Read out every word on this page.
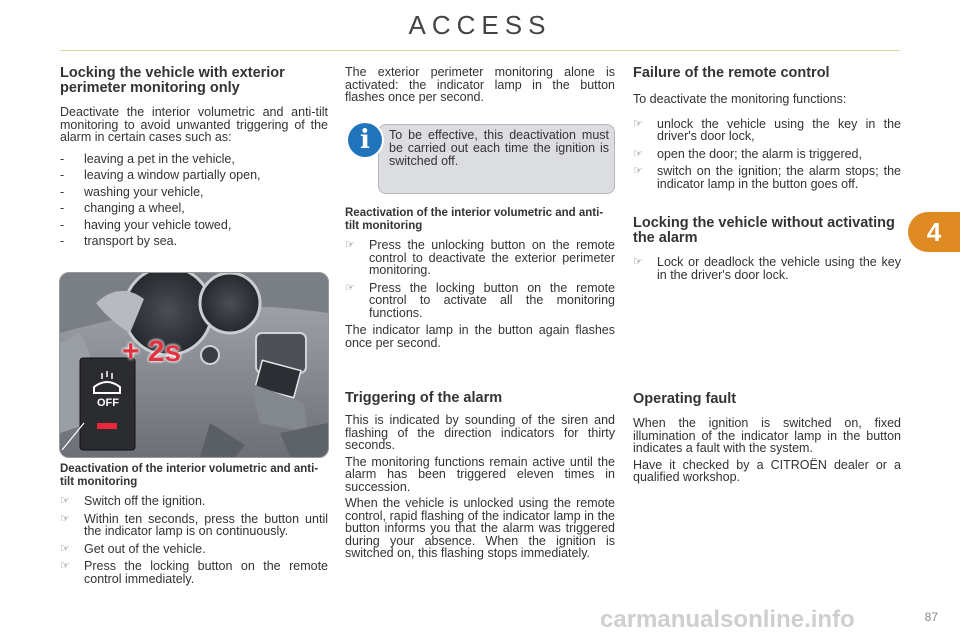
ACCESS
4
Locking the vehicle with exterior perimeter monitoring only

Deactivate the interior volumetric and anti-tilt monitoring to avoid unwanted triggering of the alarm in certain cases such as:

- leaving a pet in the vehicle,
- leaving a window partially open,
- washing your vehicle,
- changing a wheel,
- having your vehicle towed,
- transport by sea.
OFF
+ 2s
Deactivation of the interior volumetric and anti-tilt monitoring
☞ Switch off the ignition.
☞ Within ten seconds, press the button until the indicator lamp is on continuously.
☞ Get out of the vehicle.
☞ Press the locking button on the remote control immediately.

The exterior perimeter monitoring alone is activated: the indicator lamp in the button flashes once per second.

To be effective, this deactivation must be carried out each time the ignition is switched off.

i
Reactivation of the interior volumetric and anti-tilt monitoring
☞ Press the unlocking button on the remote control to deactivate the exterior perimeter monitoring.
☞ Press the locking button on the remote control to activate all the monitoring functions.

The indicator lamp in the button again flashes once per second.

Triggering of the alarm

This is indicated by sounding of the siren and flashing of the direction indicators for thirty seconds.

The monitoring functions remain active until the alarm has been triggered eleven times in succession.

When the vehicle is unlocked using the remote control, rapid flashing of the indicator lamp in the button informs you that the alarm was triggered during your absence. When the ignition is switched on, this flashing stops immediately.

Failure of the remote control

To deactivate the monitoring functions:

☞ unlock the vehicle using the key in the driver's door lock,
☞ open the door; the alarm is triggered,
☞ switch on the ignition; the alarm stops; the indicator lamp in the button goes off.
Locking the vehicle without activating the alarm
☞ Lock or deadlock the vehicle using the key in the driver's door lock.
Operating fault

When the ignition is switched on, fixed illumination of the indicator lamp in the button indicates a fault with the system.

Have it checked by a CITROËN dealer or a qualified workshop.

carmanualsonline.info	87
